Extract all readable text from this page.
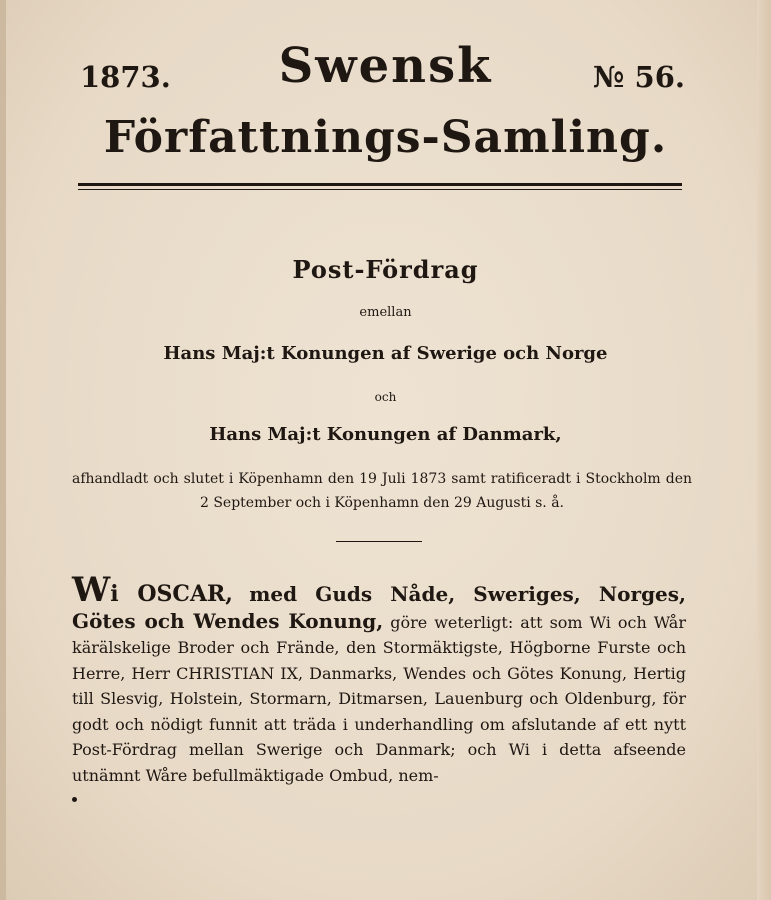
1873.	Swensk	№ 56.
Författnings-Samling.
Post-Fördrag
emellan
Hans Maj:t Konungen af Swerige och Norge
och
Hans Maj:t Konungen af Danmark,
afhandladt och slutet i Köpenhamn den 19 Juli 1873 samt ratificeradt i Stockholm den 2 September och i Köpenhamn den 29 Augusti s. å.
Wi OSCAR, med Guds Nåde, Sweriges, Norges, Götes och Wendes Konung, göre weterligt: att som Wi och Wår kärälskelige Broder och Frände, den Stormäktigste, Högborne Furste och Herre, Herr CHRISTIAN IX, Danmarks, Wendes och Götes Konung, Hertig till Slesvig, Holstein, Stormarn, Ditmarsen, Lauenburg och Oldenburg, för godt och nödigt funnit att träda i underhandling om afslutande af ett nytt Post-Fördrag mellan Swerige och Danmark; och Wi i detta afseende utnämnt Wåre befullmäktigade Ombud, nem-
